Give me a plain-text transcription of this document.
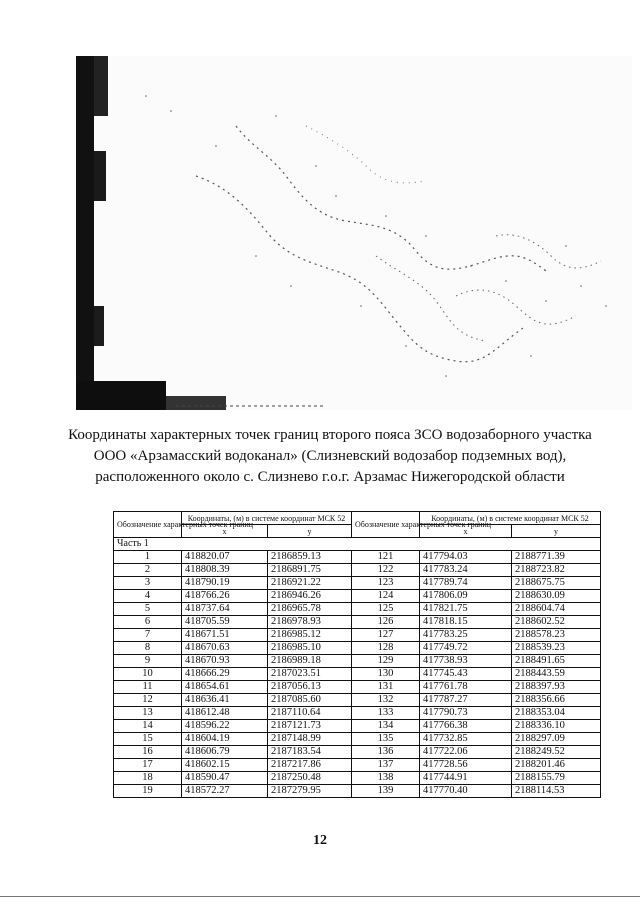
Координаты характерных точек границ второго пояса ЗСО водозаборного участка ООО «Арзамасский водоканал» (Слизневский водозабор подземных вод), расположенного около с. Слизнево г.о.г. Арзамас Нижегородской области
Обозначение характерных точек границ	Координаты, (м) в системе координат МСК 52		Обозначение характерных точек границ	Координаты, (м) в системе координат МСК 52	
	x	y		x	y
Часть 1					
1	418820.07	2186859.13	121	417794.03	2188771.39
2	418808.39	2186891.75	122	417783.24	2188723.82
3	418790.19	2186921.22	123	417789.74	2188675.75
4	418766.26	2186946.26	124	417806.09	2188630.09
5	418737.64	2186965.78	125	417821.75	2188604.74
6	418705.59	2186978.93	126	417818.15	2188602.52
7	418671.51	2186985.12	127	417783.25	2188578.23
8	418670.63	2186985.10	128	417749.72	2188539.23
9	418670.93	2186989.18	129	417738.93	2188491.65
10	418666.29	2187023.51	130	417745.43	2188443.59
11	418654.61	2187056.13	131	417761.78	2188397.93
12	418636.41	2187085.60	132	417787.27	2188356.66
13	418612.48	2187110.64	133	417790.73	2188353.04
14	418596.22	2187121.73	134	417766.38	2188336.10
15	418604.19	2187148.99	135	417732.85	2188297.09
16	418606.79	2187183.54	136	417722.06	2188249.52
17	418602.15	2187217.86	137	417728.56	2188201.46
18	418590.47	2187250.48	138	417744.91	2188155.79
19	418572.27	2187279.95	139	417770.40	2188114.53
12
